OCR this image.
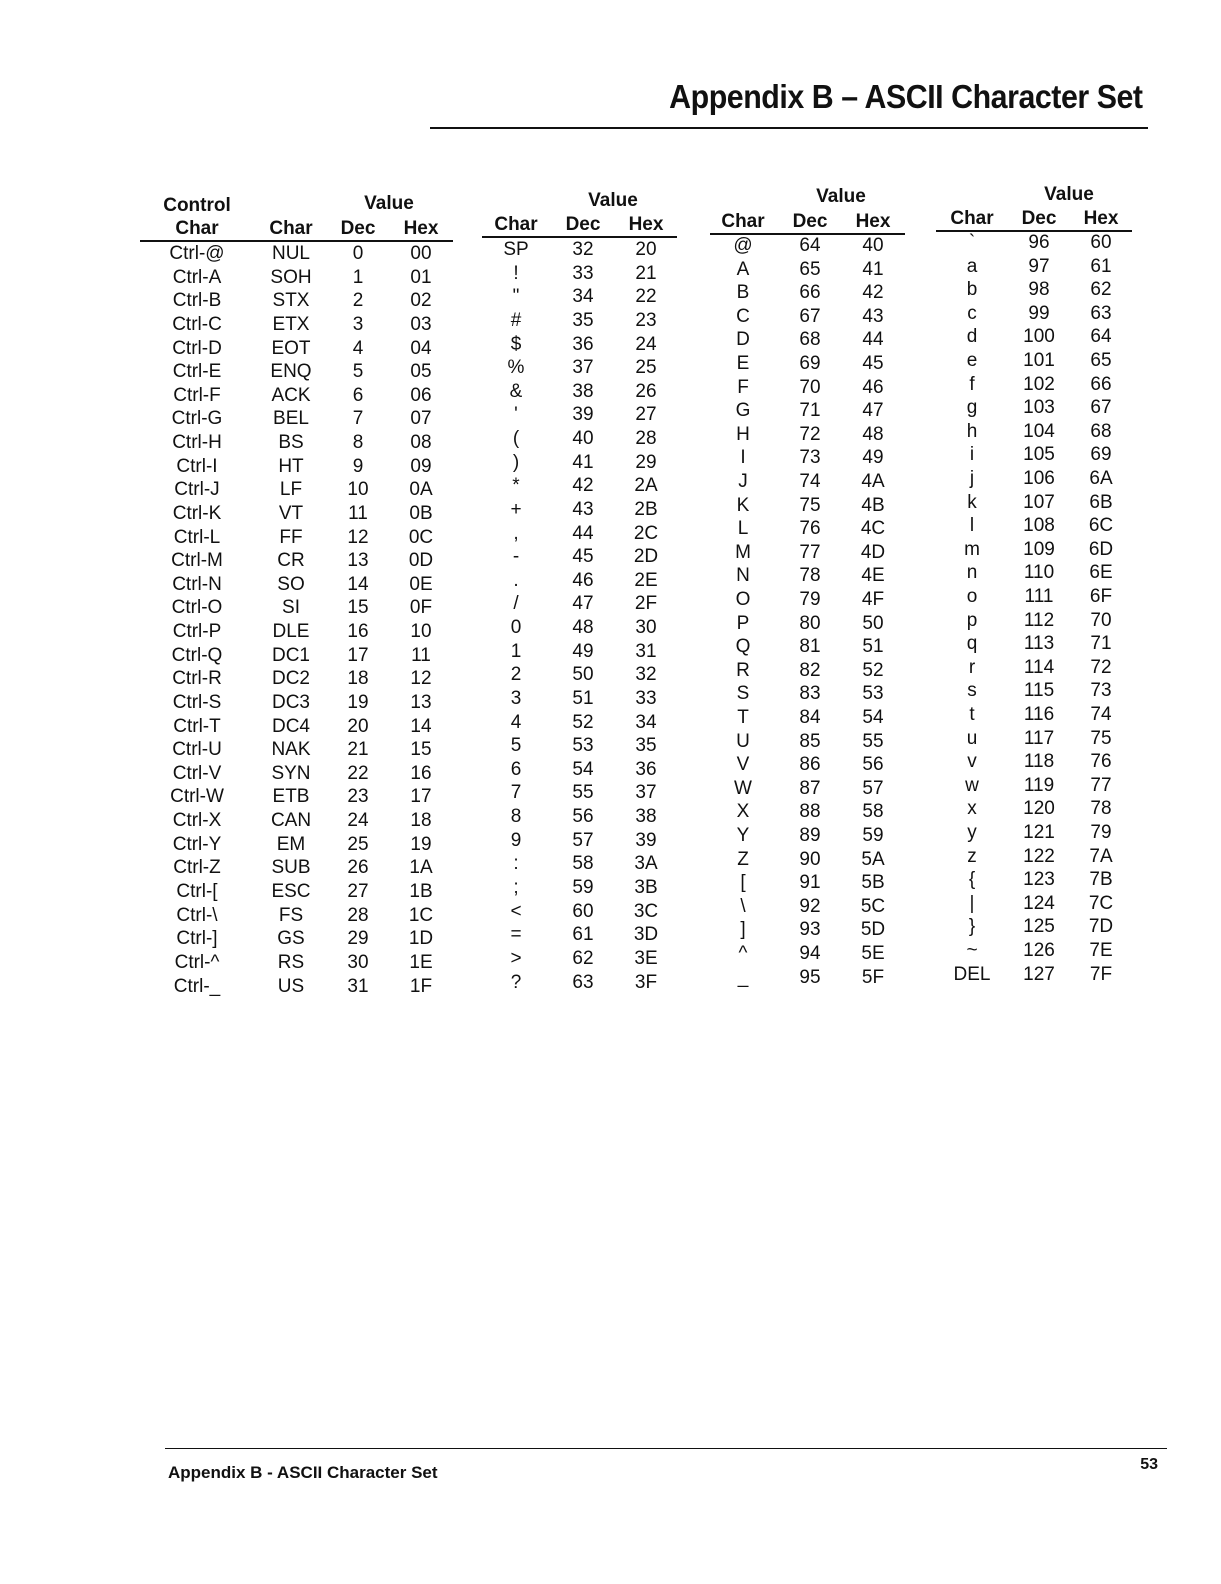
Appendix B – ASCII Character Set
Control
Char
Value
Char Dec Hex
Ctrl-@ NUL 0 00
Ctrl-A	SOH 1 01
Ctrl-B	STX 2 02
Ctrl-C	ETX 3 03
Ctrl-D	EOT 4 04
Ctrl-E	ENQ 5 05
Ctrl-F	ACK 6 06
Ctrl-G	BEL 7 07
Ctrl-H	BS	8 08
Ctrl-I	HT	9 09
Ctrl-J	LF 10 0A
Ctrl-K	VT 11 0B
Ctrl-L	FF 12 0C
Ctrl-M	CR 13 0D
Ctrl-N	SO 14 0E
Ctrl-O	SI 15 0F
Ctrl-P	DLE 16 10
Ctrl-Q	DC1 17 11
Ctrl-R	DC2 18 12
Ctrl-S	DC3 19 13
Ctrl-T	DC4 20 14
Ctrl-U	NAK 21 15
Ctrl-V	SYN 22 16
Ctrl-W	ETB 23 17
Ctrl-X	CAN 24 18
Ctrl-Y	EM 25 19
Ctrl-Z	SUB 26 1A
Ctrl-[	ESC 27 1B
Ctrl-\	FS 28 1C
Ctrl-]	GS 29 1D
Ctrl-^	RS 30 1E
Ctrl-_	US 31 1F
Value
Char Dec Hex
SP 32 20
!	33 21
"	34 22
#	35 23
$	36 24
%	37 25
&	38 26
'	39 27
(	40 28
)	41 29
*	42 2A
+	43 2B
,	44 2C
-	45 2D
.	46 2E
/	47 2F
0	48 30
1	49 31
2	50 32
3	51 33
4	52 34
5	53 35
6	54 36
7	55 37
8	56 38
9	57 39
:	58 3A
;	59 3B
<	60 3C
=	61 3D
>	62 3E
?	63 3F
Value
Char Dec Hex
@ 64 40
A	65 41
B	66 42
C	67 43
D	68 44
E	69 45
F	70 46
G	71 47
H	72 48
I	73 49
J	74 4A
K	75 4B
L	76 4C
M	77 4D
N	78 4E
O	79 4F
P	80 50
Q	81 51
R	82 52
S	83 53
T	84 54
U	85 55
V	86 56
W 87 57
X	88 58
Y	89 59
Z	90 5A
[	91 5B
\	92 5C
]	93 5D
^	94 5E
_	95 5F
Value
Char Dec Hex
`	96 60
a	97 61
b	98 62
c	99 63
d 100 64
e 101 65
f	102 66
g 103 67
h 104 68
i	105 69
j	106 6A
k 107 6B
l	108 6C
m 109 6D
n 110 6E
o 111 6F
p 112 70
q 113 71
r	114 72
s 115 73
t	116 74
u 117 75
v 118 76
w 119 77
x 120 78
y 121 79
z 122 7A
{	123 7B
|	124 7C
}	125 7D
~ 126 7E
DEL 127 7F
Appendix B - ASCII Character Set	53
